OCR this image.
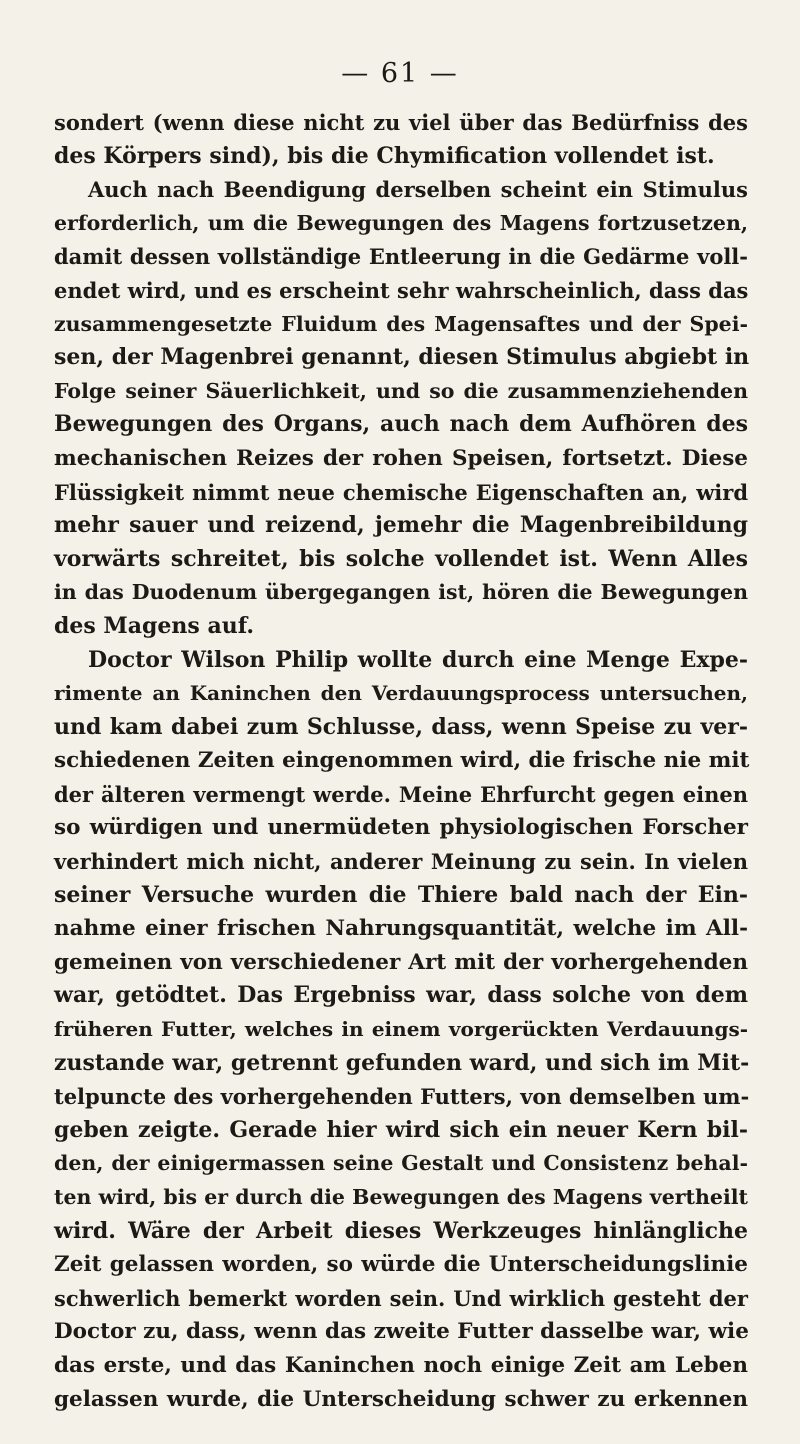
— 61 —
sondert (wenn diese nicht zu viel über das Bedürfniss des
des Körpers sind), bis die Chymification vollendet ist.
Auch nach Beendigung derselben scheint ein Stimulus
erforderlich, um die Bewegungen des Magens fortzusetzen,
damit dessen vollständige Entleerung in die Gedärme voll-
endet wird, und es erscheint sehr wahrscheinlich, dass das
zusammengesetzte Fluidum des Magensaftes und der Spei-
sen, der Magenbrei genannt, diesen Stimulus abgiebt in
Folge seiner Säuerlichkeit, und so die zusammenziehenden
Bewegungen des Organs, auch nach dem Aufhören des
mechanischen Reizes der rohen Speisen, fortsetzt. Diese
Flüssigkeit nimmt neue chemische Eigenschaften an, wird
mehr sauer und reizend, jemehr die Magenbreibildung
vorwärts schreitet, bis solche vollendet ist. Wenn Alles
in das Duodenum übergegangen ist, hören die Bewegungen
des Magens auf.
Doctor Wilson Philip wollte durch eine Menge Expe-
rimente an Kaninchen den Verdauungsprocess untersuchen,
und kam dabei zum Schlusse, dass, wenn Speise zu ver-
schiedenen Zeiten eingenommen wird, die frische nie mit
der älteren vermengt werde. Meine Ehrfurcht gegen einen
so würdigen und unermüdeten physiologischen Forscher
verhindert mich nicht, anderer Meinung zu sein. In vielen
seiner Versuche wurden die Thiere bald nach der Ein-
nahme einer frischen Nahrungsquantität, welche im All-
gemeinen von verschiedener Art mit der vorhergehenden
war, getödtet. Das Ergebniss war, dass solche von dem
früheren Futter, welches in einem vorgerückten Verdauungs-
zustande war, getrennt gefunden ward, und sich im Mit-
telpuncte des vorhergehenden Futters, von demselben um-
geben zeigte. Gerade hier wird sich ein neuer Kern bil-
den, der einigermassen seine Gestalt und Consistenz behal-
ten wird, bis er durch die Bewegungen des Magens vertheilt
wird. Wäre der Arbeit dieses Werkzeuges hinlängliche
Zeit gelassen worden, so würde die Unterscheidungslinie
schwerlich bemerkt worden sein. Und wirklich gesteht der
Doctor zu, dass, wenn das zweite Futter dasselbe war, wie
das erste, und das Kaninchen noch einige Zeit am Leben
gelassen wurde, die Unterscheidung schwer zu erkennen
